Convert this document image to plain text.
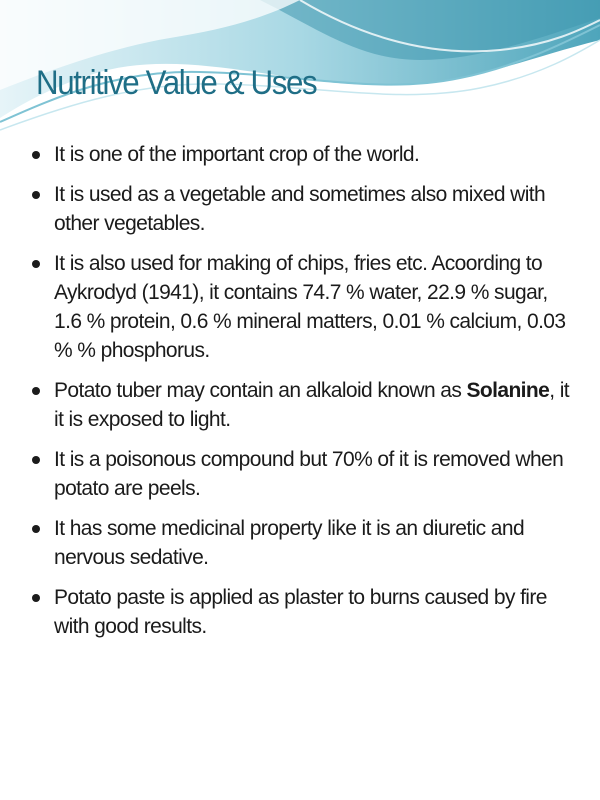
Nutritive Value & Uses
It is one of the important crop of the world.
It is used as a vegetable and sometimes also mixed with other vegetables.
It is also used for making of chips, fries etc. Acoording to Aykrodyd (1941), it contains 74.7 % water, 22.9 % sugar, 1.6 % protein, 0.6 % mineral matters, 0.01 % calcium, 0.03 % % phosphorus.
Potato tuber may contain an alkaloid known as Solanine, it it is exposed to light.
It is a poisonous compound but 70% of it is removed when potato are peels.
It has some medicinal property like it is an diuretic and nervous sedative.
Potato paste is applied as plaster to burns caused by fire with good results.
